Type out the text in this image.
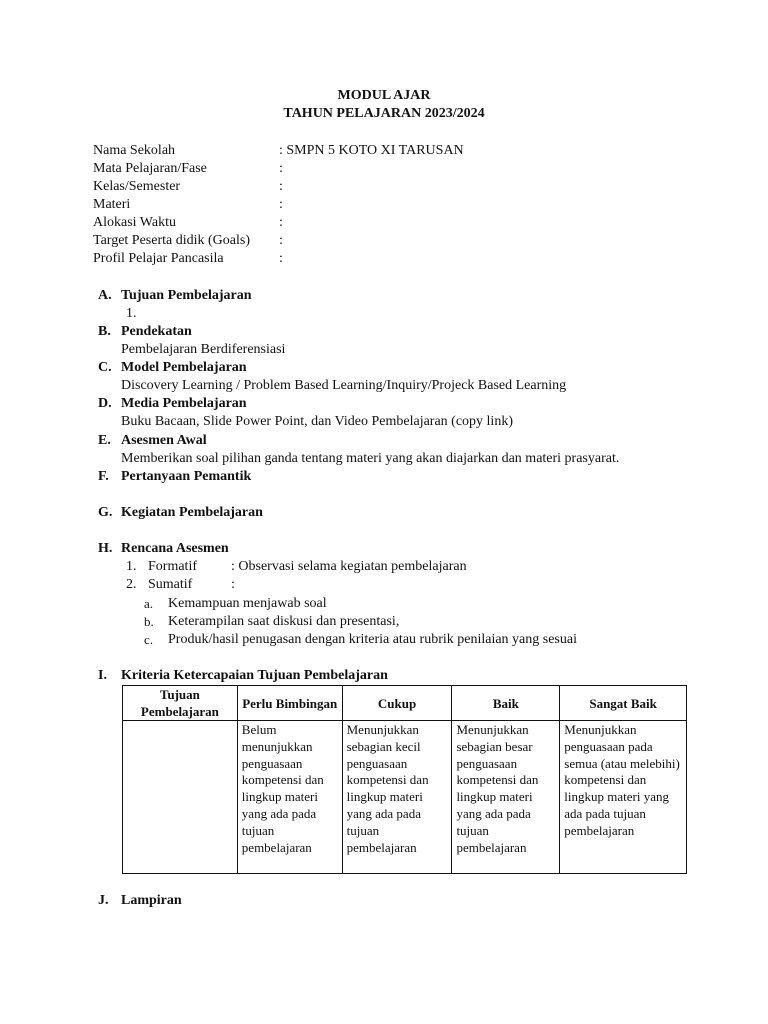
MODUL AJAR
TAHUN PELAJARAN 2023/2024
Nama Sekolah	: SMPN 5 KOTO XI TARUSAN
Mata Pelajaran/Fase	:
Kelas/Semester	:
Materi	:
Alokasi Waktu	:
Target Peserta didik (Goals) :
Profil Pelajar Pancasila	:
A. Tujuan Pembelajaran
1.
B. Pendekatan
Pembelajaran Berdiferensiasi
C. Model Pembelajaran
Discovery Learning / Problem Based Learning/Inquiry/Projeck Based Learning
D. Media Pembelajaran
Buku Bacaan, Slide Power Point, dan Video Pembelajaran (copy link)
E. Asesmen Awal
Memberikan soal pilihan ganda tentang materi yang akan diajarkan dan materi prasyarat.
F. Pertanyaan Pemantik
G. Kegiatan Pembelajaran
H. Rencana Asesmen
1. Formatif : Observasi selama kegiatan pembelajaran
2. Sumatif	:
a. Kemampuan menjawab soal
b. Keterampilan saat diskusi dan presentasi,
c. Produk/hasil penugasan dengan kriteria atau rubrik penilaian yang sesuai
I. Kriteria Ketercapaian Tujuan Pembelajaran
Tujuan Pembelajaran	Perlu Bimbingan	Cukup	Baik	Sangat Baik
	Belum menunjukkan penguasaan kompetensi dan lingkup materi yang ada pada tujuan pembelajaran	Menunjukkan sebagian kecil penguasaan kompetensi dan lingkup materi yang ada pada tujuan pembelajaran	Menunjukkan sebagian besar penguasaan kompetensi dan lingkup materi yang ada pada tujuan pembelajaran	Menunjukkan penguasaan pada semua (atau melebihi) kompetensi dan lingkup materi yang ada pada tujuan pembelajaran
J. Lampiran
